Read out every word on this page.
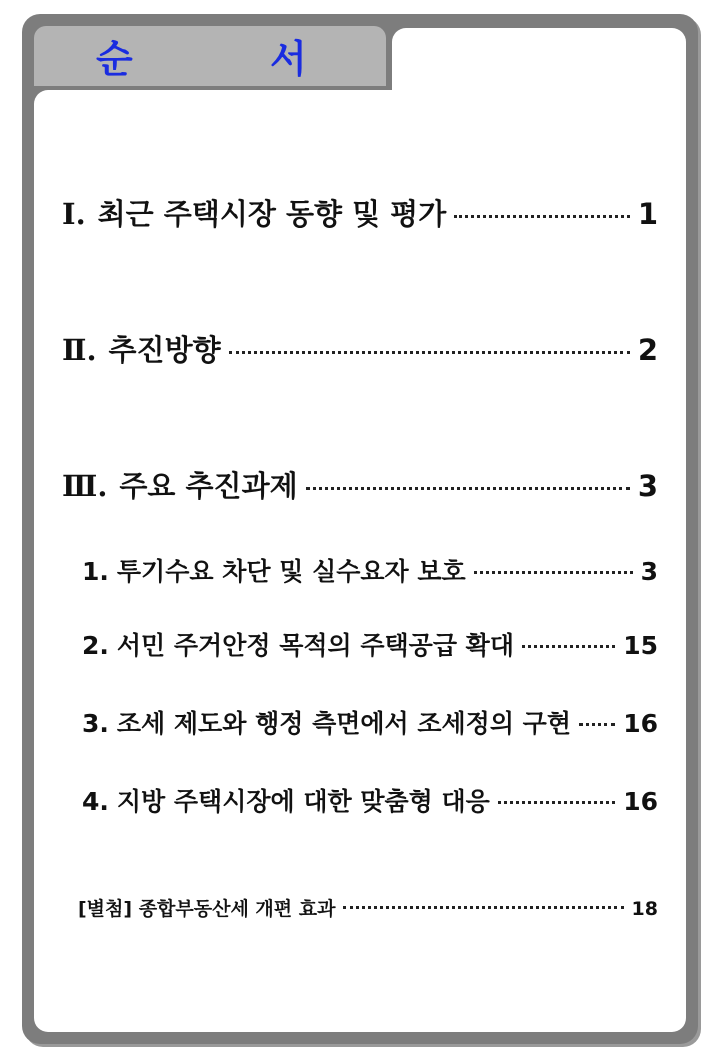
순 서
Ⅰ. 최근 주택시장 동향 및 평가	1
Ⅱ. 추진방향	2
Ⅲ. 주요 추진과제	3
1. 투기수요 차단 및 실수요자 보호	3
2. 서민 주거안정 목적의 주택공급 확대	15
3. 조세 제도와 행정 측면에서 조세정의 구현 16
4. 지방 주택시장에 대한 맞춤형 대응	16
[별첨] 종합부동산세 개편 효과	18
